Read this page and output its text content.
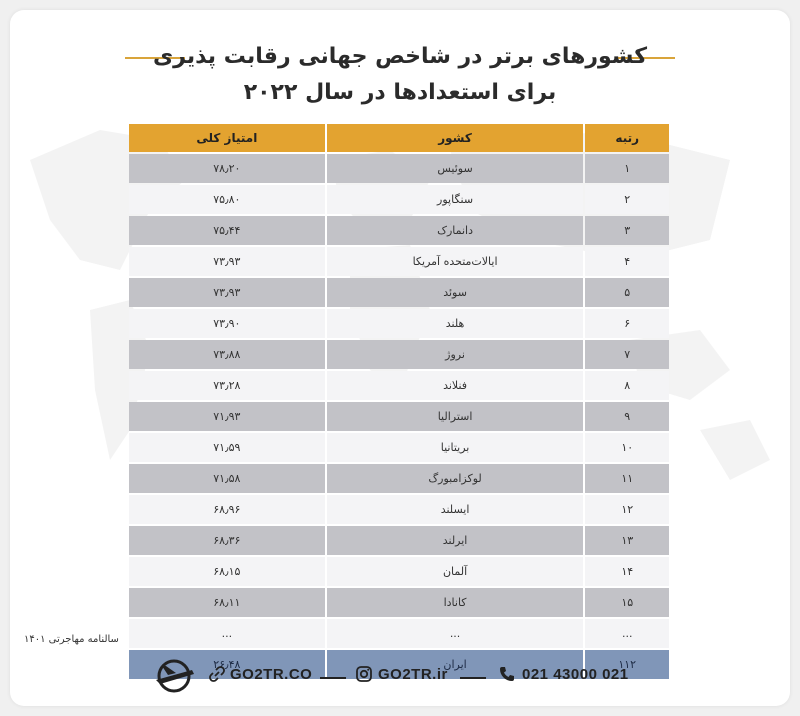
کشورهای برتر در شاخص جهانی رقابت پذیری
برای استعدادها در سال ۲۰۲۲
رتبه	کشور	امتیاز کلی
۱	سوئیس	۷۸٫۲۰
۲	سنگاپور	۷۵٫۸۰
۳	دانمارک	۷۵٫۴۴
۴	ایالات‌متحده آمریکا	۷۳٫۹۳
۵	سوئد	۷۳٫۹۳
۶	هلند	۷۳٫۹۰
۷	نروژ	۷۳٫۸۸
۸	فنلاند	۷۳٫۲۸
۹	استرالیا	۷۱٫۹۳
۱۰	بریتانیا	۷۱٫۵۹
۱۱	لوکزامبورگ	۷۱٫۵۸
۱۲	ایسلند	۶۸٫۹۶
۱۳	ایرلند	۶۸٫۳۶
۱۴	آلمان	۶۸٫۱۵
۱۵	کانادا	۶۸٫۱۱
...	...	...
۱۱۲	ایران	۲۶٫۴۸
سالنامه مهاجرتی ۱۴۰۱
GO2TR.CO	GO2TR.ir	021 43000 021
